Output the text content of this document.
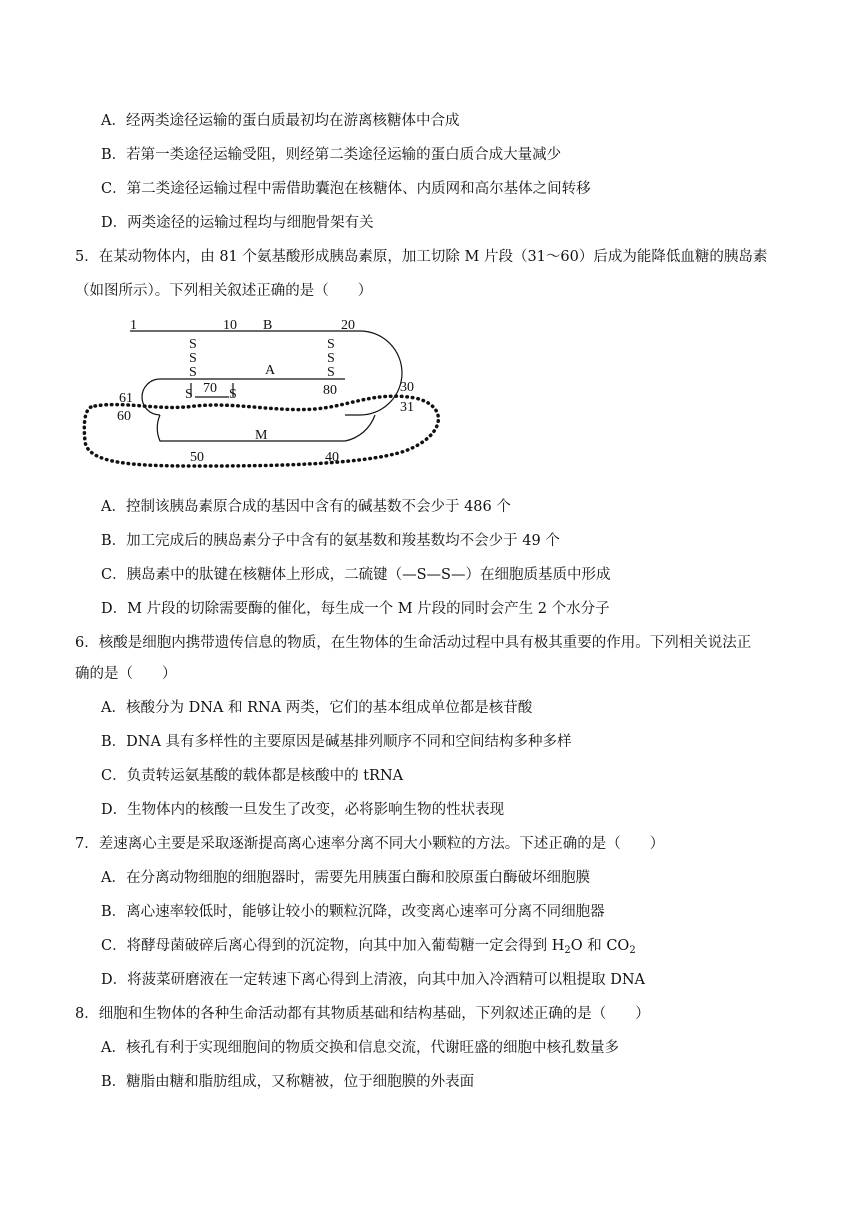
A．经两类途径运输的蛋白质最初均在游离核糖体中合成
B．若第一类途径运输受阻，则经第二类途径运输的蛋白质合成大量减少
C．第二类途径运输过程中需借助囊泡在核糖体、内质网和高尔基体之间转移
D．两类途径的运输过程均与细胞骨架有关
5．在某动物体内，由 81 个氨基酸形成胰岛素原，加工切除 M 片段（31～60）后成为能降低血糖的胰岛素
（如图所示）。下列相关叙述正确的是（　　）
1	10 B	20
S
S
S
S
S
S
A
S	S
70	80
61
60
30
31
M
50	40
A．控制该胰岛素原合成的基因中含有的碱基数不会少于 486 个
B．加工完成后的胰岛素分子中含有的氨基数和羧基数均不会少于 49 个
C．胰岛素中的肽键在核糖体上形成，二硫键（—S—S—）在细胞质基质中形成
D．M 片段的切除需要酶的催化，每生成一个 M 片段的同时会产生 2 个水分子
6．核酸是细胞内携带遗传信息的物质，在生物体的生命活动过程中具有极其重要的作用。下列相关说法正
确的是（　　）
A．核酸分为 DNA 和 RNA 两类，它们的基本组成单位都是核苷酸
B．DNA 具有多样性的主要原因是碱基排列顺序不同和空间结构多种多样
C．负责转运氨基酸的载体都是核酸中的 tRNA
D．生物体内的核酸一旦发生了改变，必将影响生物的性状表现
7．差速离心主要是采取逐渐提高离心速率分离不同大小颗粒的方法。下述正确的是（　　）
A．在分离动物细胞的细胞器时，需要先用胰蛋白酶和胶原蛋白酶破坏细胞膜
B．离心速率较低时，能够让较小的颗粒沉降，改变离心速率可分离不同细胞器
C．将酵母菌破碎后离心得到的沉淀物，向其中加入葡萄糖一定会得到 $H_2O$ 和 $CO_2$
D．将菠菜研磨液在一定转速下离心得到上清液，向其中加入冷酒精可以粗提取 DNA
8．细胞和生物体的各种生命活动都有其物质基础和结构基础，下列叙述正确的是（　　）
A．核孔有利于实现细胞间的物质交换和信息交流，代谢旺盛的细胞中核孔数量多
B．糖脂由糖和脂肪组成，又称糖被，位于细胞膜的外表面
